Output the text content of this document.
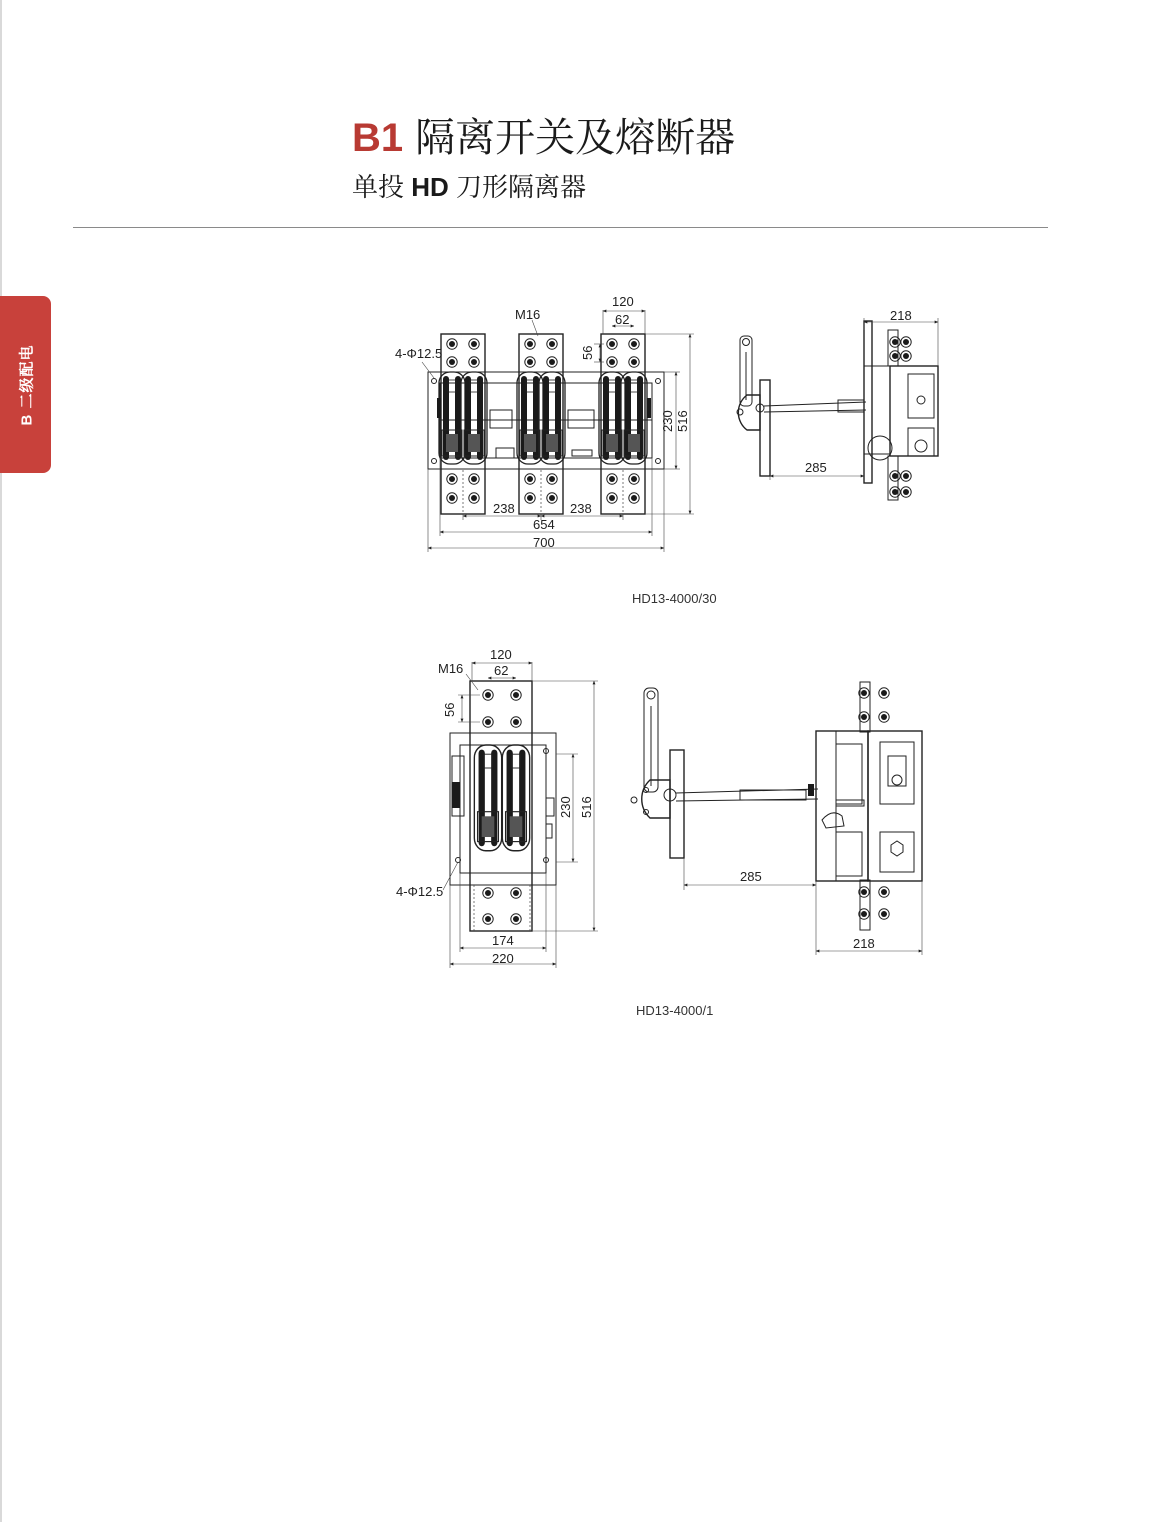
B1 隔离开关及熔断器
单投 HD 刀形隔离器
B 二级配电
120
62
M16
4-Φ12.5	56
230 516
238	238
654
700
218
285
120
62
M16
4-Φ12.5
56
230 516
174
220
285
218
HD13-4000/30
HD13-4000/1
